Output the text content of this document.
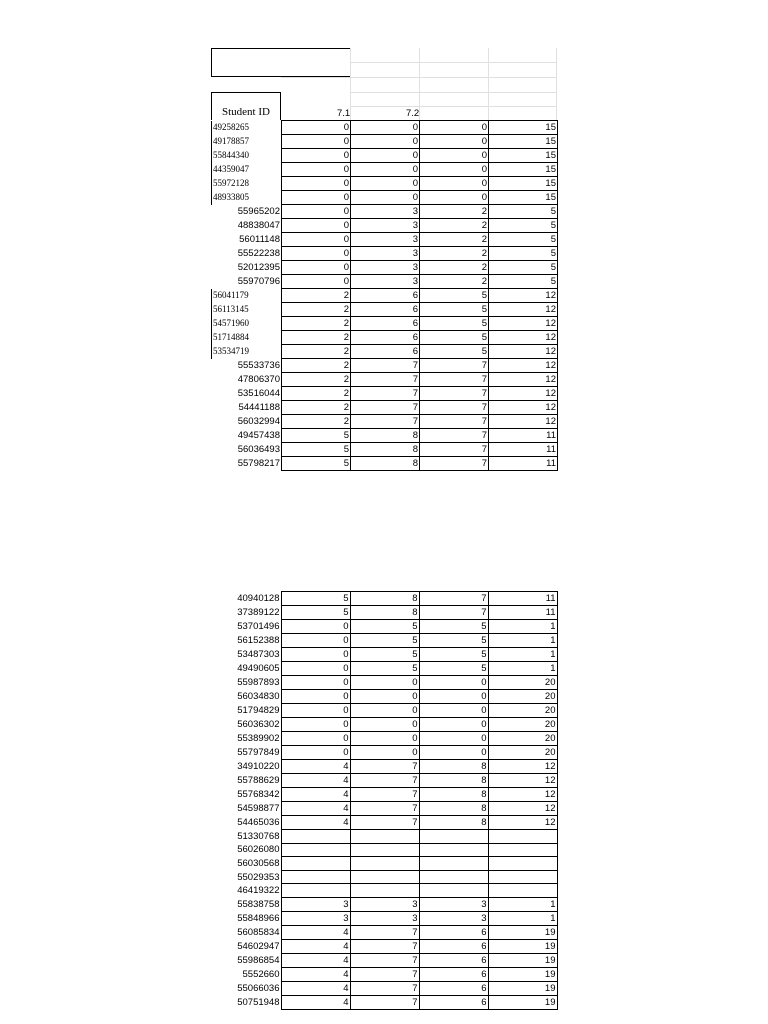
Student ID	7.1	7.2
49258265	0	0	0	15
49178857	0	0	0	15
55844340	0	0	0	15
44359047	0	0	0	15
55972128	0	0	0	15
48933805	0	0	0	15
55965202	0	3	2	5
48838047	0	3	2	5
56011148	0	3	2	5
55522238	0	3	2	5
52012395	0	3	2	5
55970796	0	3	2	5
56041179	2	6	5	12
56113145	2	6	5	12
54571960	2	6	5	12
51714884	2	6	5	12
53534719	2	6	5	12
55533736	2	7	7	12
47806370	2	7	7	12
53516044	2	7	7	12
54441188	2	7	7	12
56032994	2	7	7	12
49457438	5	8	7	11
56036493	5	8	7	11
55798217	5	8	7	11
40940128	5	8	7	11
37389122	5	8	7	11
53701496	0	5	5	1
56152388	0	5	5	1
53487303	0	5	5	1
49490605	0	5	5	1
55987893	0	0	0	20
56034830	0	0	0	20
51794829	0	0	0	20
56036302	0	0	0	20
55389902	0	0	0	20
55797849	0	0	0	20
34910220	4	7	8	12
55788629	4	7	8	12
55768342	4	7	8	12
54598877	4	7	8	12
54465036	4	7	8	12
51330768				
56026080				
56030568				
55029353				
46419322				
55838758	3	3	3	1
55848966	3	3	3	1
56085834	4	7	6	19
54602947	4	7	6	19
55986854	4	7	6	19
5552660	4	7	6	19
55066036	4	7	6	19
50751948	4	7	6	19
